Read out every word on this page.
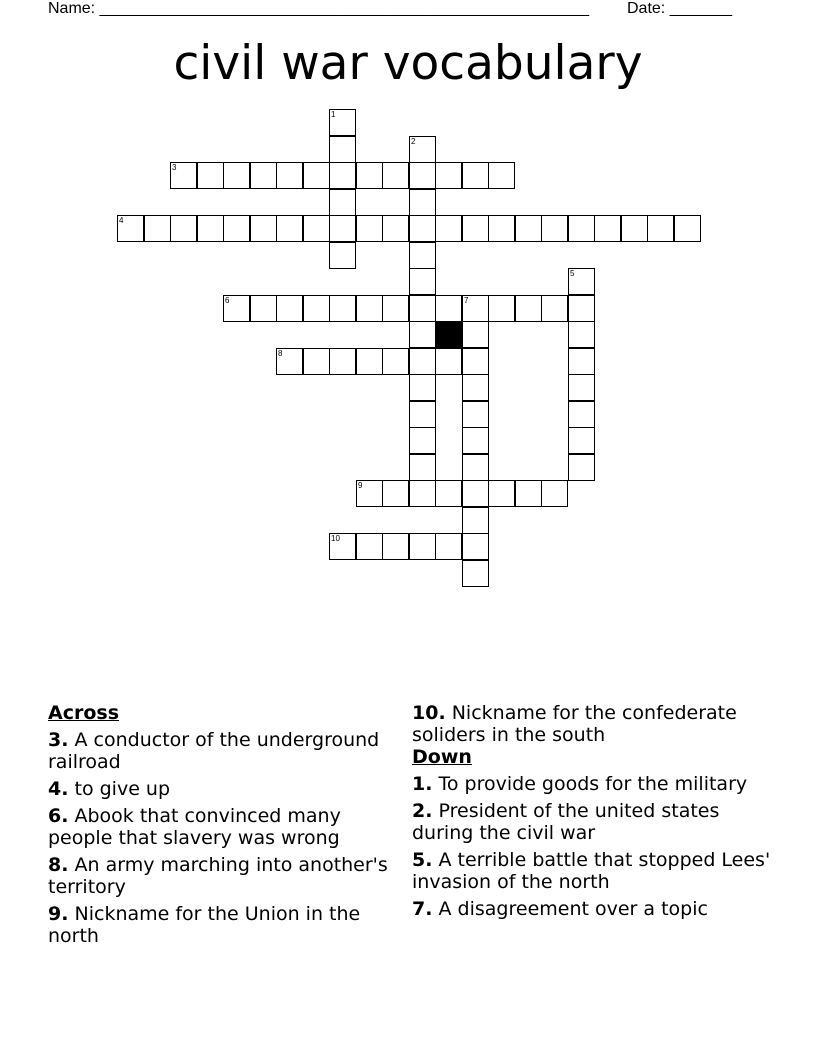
Name: _______________________________________________________ Date: _______
civil war vocabulary
1
2
3
4
5
6	7
8
9
10
Across
3. A conductor of the underground railroad
4. to give up
6. Abook that convinced many people that slavery was wrong
8. An army marching into another's territory
9. Nickname for the Union in the north
10. Nickname for the confederate soliders in the south
Down
1. To provide goods for the military
2. President of the united states during the civil war
5. A terrible battle that stopped Lees' invasion of the north
7. A disagreement over a topic
